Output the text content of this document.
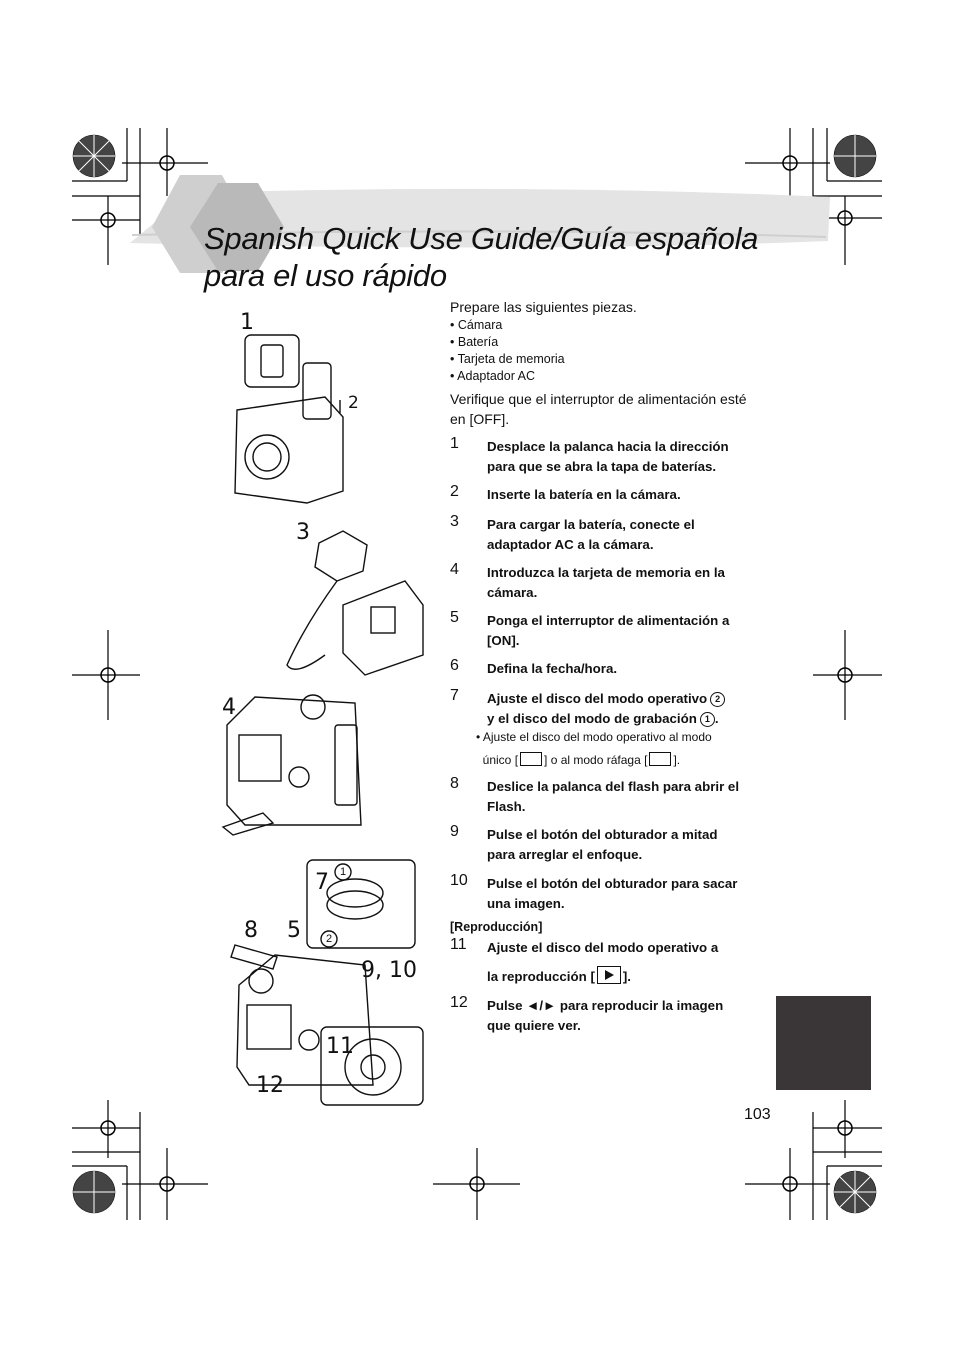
Spanish Quick Use Guide/Guía española
para el uso rápido
1
2
3
4
7
8 5
9, 10
11
12
1
2
Prepare las siguientes piezas.
• Cámara
• Batería
• Tarjeta de memoria
• Adaptador AC
Verifique que el interruptor de alimentación esté en [OFF].
1 Desplace la palanca hacia la dirección para que se abra la tapa de baterías.
2 Inserte la batería en la cámara.
3 Para cargar la batería, conecte el adaptador AC a la cámara.
4 Introduzca la tarjeta de memoria en la cámara.
5 Ponga el interruptor de alimentación a [ON].
6 Defina la fecha/hora.
7 Ajuste el disco del modo operativo 2
y el disco del modo de grabación 1 .
• Ajuste el disco del modo operativo al modo
único [ ] o al modo ráfaga [ ].
8 Deslice la palanca del flash para abrir el Flash.
9 Pulse el botón del obturador a mitad para arreglar el enfoque.
10 Pulse el botón del obturador para sacar una imagen.
[Reproducción]
11 Ajuste el disco del modo operativo a
la reproducción [ ].
12 Pulse ◄/► para reproducir la imagen que quiere ver.
103
